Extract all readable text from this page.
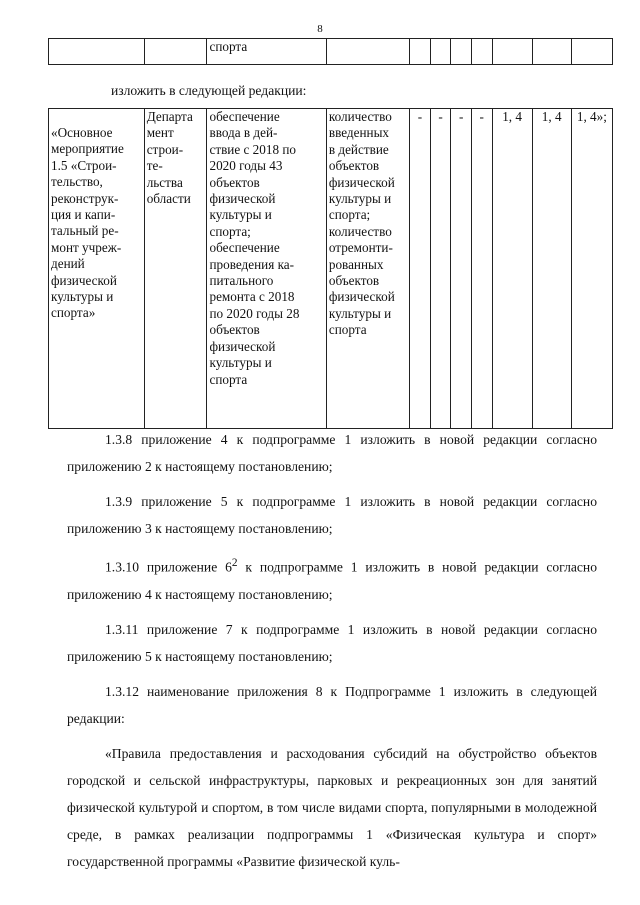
8
		спорта								
изложить в следующей редакции:
«Основное
мероприятие
1.5 «Строи-
тельство,
реконструк-
ция и капи-
тальный ре-
монт учреж-
дений
физической
культуры и
спорта»	Департа
мент
строи-
те-
льства
области	обеспечение
ввода в дей-
ствие с 2018 по
2020 годы 43
объектов
физической
культуры и
спорта;
обеспечение
проведения ка-
питального
ремонта с 2018
по 2020 годы 28
объектов
физической
культуры и
спорта	количество
введенных
в действие
объектов
физической
культуры и
спорта;
количество
отремонти-
рованных
объектов
физической
культуры и
спорта	-	-	-	-	1, 4	1, 4	1, 4»;

1.3.8 приложение 4 к подпрограмме 1 изложить в новой редакции согласно приложению 2 к настоящему постановлению;

1.3.9 приложение 5 к подпрограмме 1 изложить в новой редакции согласно приложению 3 к настоящему постановлению;

1.3.10 приложение $6^2$ к подпрограмме 1 изложить в новой редакции согласно приложению 4 к настоящему постановлению;

1.3.11 приложение 7 к подпрограмме 1 изложить в новой редакции согласно приложению 5 к настоящему постановлению;

1.3.12 наименование приложения 8 к Подпрограмме 1 изложить в следующей редакции:

«Правила предоставления и расходования субсидий на обустройство объектов городской и сельской инфраструктуры, парковых и рекреационных зон для занятий физической культурой и спортом, в том числе видами спорта, популярными в молодежной среде, в рамках реализации подпрограммы 1 «Физическая культура и спорт» государственной программы «Развитие физической куль-
